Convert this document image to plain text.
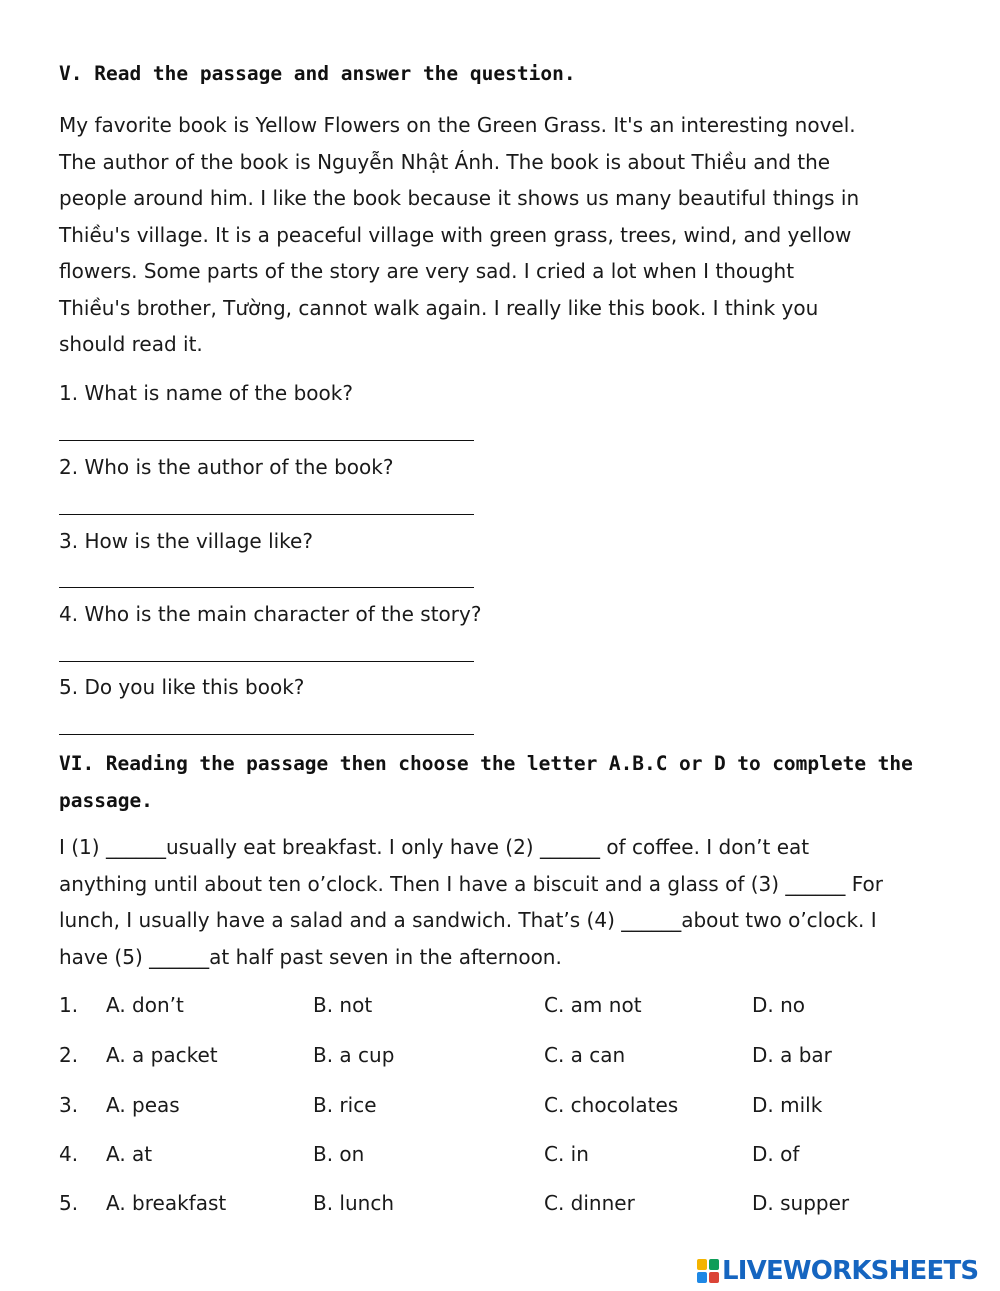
V. Read the passage and answer the question.
My favorite book is Yellow Flowers on the Green Grass. It's an interesting novel.
The author of the book is Nguyễn Nhật Ánh. The book is about Thiều and the
people around him. I like the book because it shows us many beautiful things in
Thiều's village. It is a peaceful village with green grass, trees, wind, and yellow
flowers. Some parts of the story are very sad. I cried a lot when I thought
Thiều's brother, Tường, cannot walk again. I really like this book. I think you
should read it.
1. What is name of the book?
2. Who is the author of the book?
3. How is the village like?
4. Who is the main character of the story?
5. Do you like this book?
VI. Reading the passage then choose the letter A.B.C or D to complete the
passage.
I (1) ______usually eat breakfast. I only have (2) ______ of coffee. I don’t eat
anything until about ten o’clock. Then I have a biscuit and a glass of (3) ______ For
lunch, I usually have a salad and a sandwich. That’s (4) ______about two o’clock. I
have (5) ______at half past seven in the afternoon.
1. A. don’t	B. not	C. am not	D. no
2. A. a packet	B. a cup	C. a can	D. a bar
3. A. peas	B. rice	C. chocolates	D. milk
4. A. at	B. on	C. in	D. of
5. A. breakfast	B. lunch	C. dinner	D. supper
LIVEWORKSHEETS
